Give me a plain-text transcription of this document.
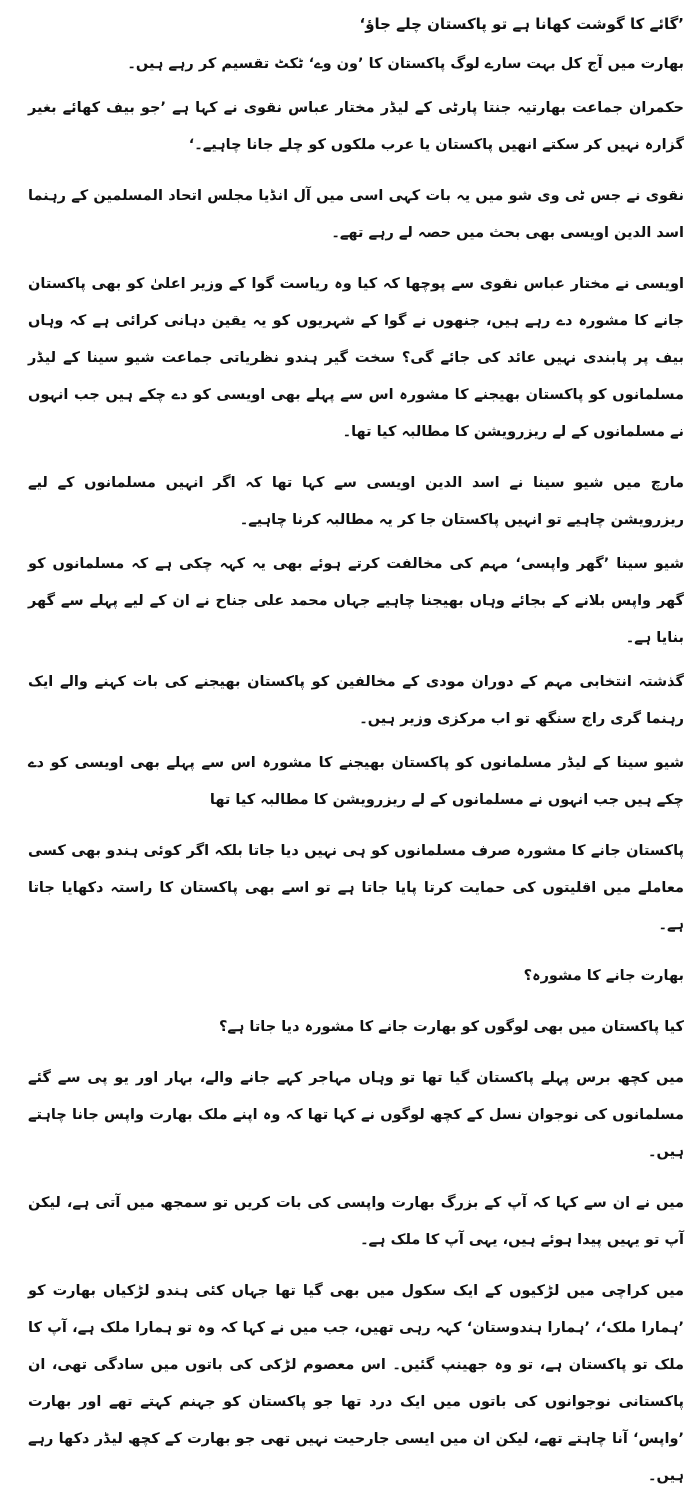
’گائے کا گوشت کھانا ہے تو پاکستان چلے جاؤ‘

بھارت میں آج کل بہت سارے لوگ پاکستان کا ’ون وے‘ ٹکٹ تقسیم کر رہے ہیں۔

حکمران جماعت بھارتیہ جنتا پارٹی کے لیڈر مختار عباس نقوی نے کہا ہے ’جو بیف کھائے بغیر گزارہ نہیں کر سکتے انھیں پاکستان یا عرب ملکوں کو چلے جانا چاہیے۔‘

نقوی نے جس ٹی وی شو میں یہ بات کہی اسی میں آل انڈیا مجلس اتحاد المسلمین کے رہنما اسد الدین اویسی بھی بحث میں حصہ لے رہے تھے۔

اویسی نے مختار عباس نقوی سے پوچھا کہ کیا وہ ریاست گوا کے وزیر اعلیٰ کو بھی پاکستان جانے کا مشورہ دے رہے ہیں، جنھوں نے گوا کے شہریوں کو یہ یقین دہانی کرائی ہے کہ وہاں بیف پر پابندی نہیں عائد کی جائے گی؟ سخت گیر ہندو نظریاتی جماعت شیو سینا کے لیڈر مسلمانوں کو پاکستان بھیجنے کا مشورہ اس سے پہلے بھی اویسی کو دے چکے ہیں جب انہوں نے مسلمانوں کے لے ریزرویشن کا مطالبہ کیا تھا۔

مارچ میں شیو سینا نے اسد الدین اویسی سے کہا تھا کہ اگر انہیں مسلمانوں کے لیے ریزرویشن چاہیے تو انہیں پاکستان جا کر یہ مطالبہ کرنا چاہیے۔

شیو سینا ’گھر واپسی‘ مہم کی مخالفت کرتے ہوئے بھی یہ کہہ چکی ہے کہ مسلمانوں کو گھر واپس بلانے کے بجائے وہاں بھیجنا چاہیے جہاں محمد علی جناح نے ان کے لیے پہلے سے گھر بنایا ہے۔

گذشتہ انتخابی مہم کے دوران مودی کے مخالفین کو پاکستان بھیجنے کی بات کہنے والے ایک رہنما گری راج سنگھ تو اب مرکزی وزیر ہیں۔

شیو سینا کے لیڈر مسلمانوں کو پاکستان بھیجنے کا مشورہ اس سے پہلے بھی اویسی کو دے چکے ہیں جب انہوں نے مسلمانوں کے لے ریزرویشن کا مطالبہ کیا تھا

پاکستان جانے کا مشورہ صرف مسلمانوں کو ہی نہیں دیا جاتا بلکہ اگر کوئی ہندو بھی کسی معاملے میں اقلیتوں کی حمایت کرتا پایا جاتا ہے تو اسے بھی پاکستان کا راستہ دکھایا جاتا ہے۔

بھارت جانے کا مشورہ؟

کیا پاکستان میں بھی لوگوں کو بھارت جانے کا مشورہ دیا جاتا ہے؟

میں کچھ برس پہلے پاکستان گیا تھا تو وہاں مہاجر کہے جانے والے، بہار اور یو پی سے گئے مسلمانوں کی نوجوان نسل کے کچھ لوگوں نے کہا تھا کہ وہ اپنے ملک بھارت واپس جانا چاہتے ہیں۔

میں نے ان سے کہا کہ آپ کے بزرگ بھارت واپسی کی بات کریں تو سمجھ میں آتی ہے، لیکن آپ تو یہیں پیدا ہوئے ہیں، یہی آپ کا ملک ہے۔

میں کراچی میں لڑکیوں کے ایک سکول میں بھی گیا تھا جہاں کئی ہندو لڑکیاں بھارت کو ’ہمارا ملک‘، ’ہمارا ہندوستان‘ کہہ رہی تھیں، جب میں نے کہا کہ وہ تو ہمارا ملک ہے، آپ کا ملک تو پاکستان ہے، تو وہ جھینپ گئیں۔ اس معصوم لڑکی کی باتوں میں سادگی تھی، ان پاکستانی نوجوانوں کی باتوں میں ایک درد تھا جو پاکستان کو جہنم کہتے تھے اور بھارت ’واپس‘ آنا چاہتے تھے، لیکن ان میں ایسی جارحیت نہیں تھی جو بھارت کے کچھ لیڈر دکھا رہے ہیں۔
